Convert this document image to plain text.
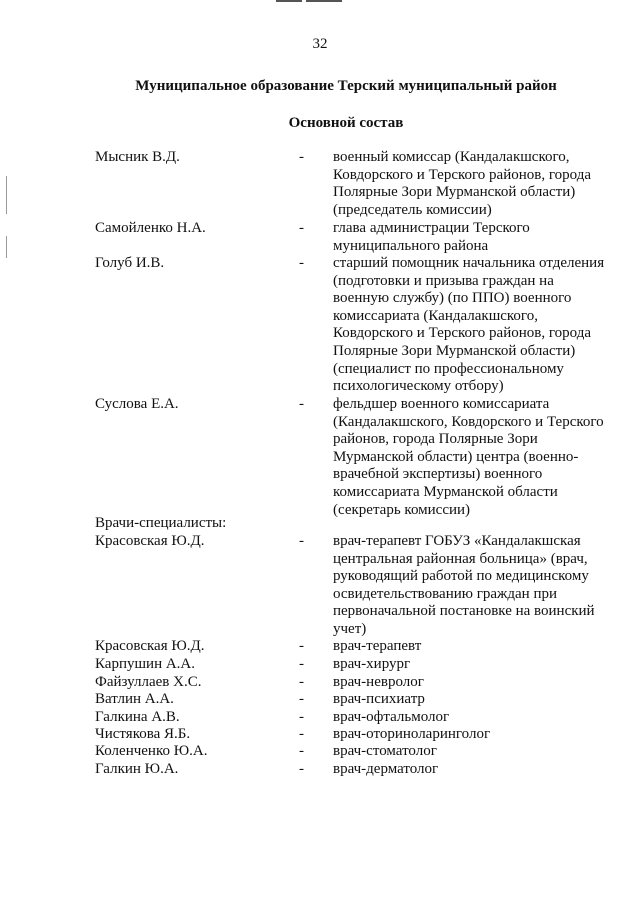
32
Муниципальное образование Терский муниципальный район
Основной состав
Мысник В.Д.	- военный комиссар (Кандалакшского,
Ковдорского и Терского районов, города
Полярные Зори Мурманской области)
(председатель комиссии)
Самойленко Н.А.	- глава администрации Терского
муниципального района
Голуб И.В.	- старший помощник начальника отделения
(подготовки и призыва граждан на
военную службу) (по ППО) военного
комиссариата (Кандалакшского,
Ковдорского и Терского районов, города
Полярные Зори Мурманской области)
(специалист по профессиональному
психологическому отбору)
Суслова Е.А.	- фельдшер военного комиссариата
(Кандалакшского, Ковдорского и Терского
районов, города Полярные Зори
Мурманской области) центра (военно-
врачебной экспертизы) военного
комиссариата Мурманской области
(секретарь комиссии)
Врачи-специалисты:
Красовская Ю.Д.	- врач-терапевт ГОБУЗ «Кандалакшская
центральная районная больница» (врач,
руководящий работой по медицинскому
освидетельствованию граждан при
первоначальной постановке на воинский
учет)
Красовская Ю.Д.	- врач-терапевт
Карпушин А.А.	- врач-хирург
Файзуллаев Х.С.	- врач-невролог
Ватлин А.А.	- врач-психиатр
Галкина А.В.	- врач-офтальмолог
Чистякова Я.Б.	- врач-оториноларинголог
Коленченко Ю.А.	- врач-стоматолог
Галкин Ю.А.	- врач-дерматолог
